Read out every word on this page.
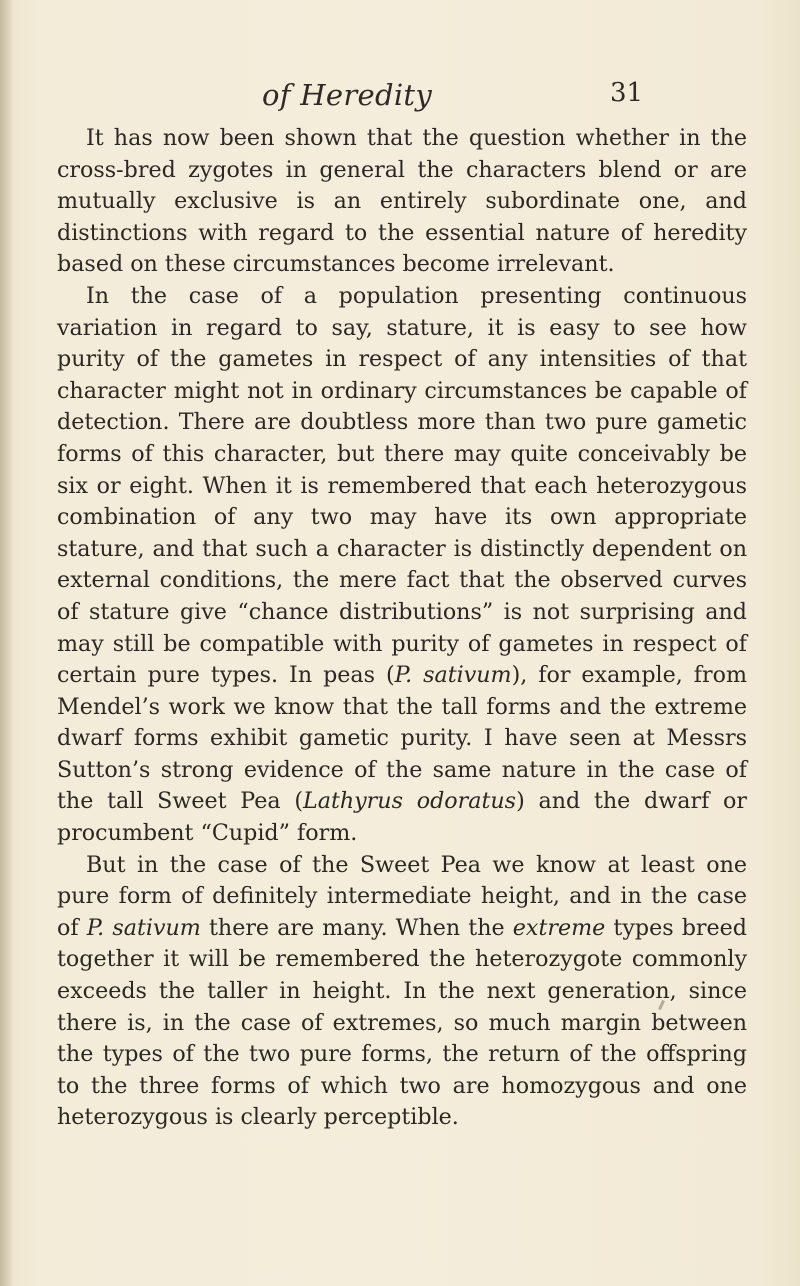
of Heredity	31

It has now been shown that the question whether in the cross-bred zygotes in general the characters blend or are mutually exclusive is an entirely subordinate one, and distinctions with regard to the essential nature of heredity based on these circumstances become irrelevant.

In the case of a population presenting continuous variation in regard to say, stature, it is easy to see how purity of the gametes in respect of any intensities of that character might not in ordinary circumstances be capable of detection. There are doubtless more than two pure gametic forms of this character, but there may quite conceivably be six or eight. When it is remembered that each heterozygous combination of any two may have its own appropriate stature, and that such a character is distinctly dependent on external conditions, the mere fact that the observed curves of stature give “chance distributions” is not surprising and may still be compatible with purity of gametes in respect of certain pure types. In peas (P. sativum), for example, from Mendel’s work we know that the tall forms and the extreme dwarf forms exhibit gametic purity. I have seen at Messrs Sutton’s strong evidence of the same nature in the case of the tall Sweet Pea (Lathyrus odoratus) and the dwarf or procumbent “Cupid” form.

But in the case of the Sweet Pea we know at least one pure form of definitely intermediate height, and in the case of P. sativum there are many. When the extreme types breed together it will be remembered the heterozygote commonly exceeds the taller in height. In the next generation, since there is, in the case of extremes, so much margin between the types of the two pure forms, the return of the offspring to the three forms of which two are homozygous and one heterozygous is clearly perceptible.
